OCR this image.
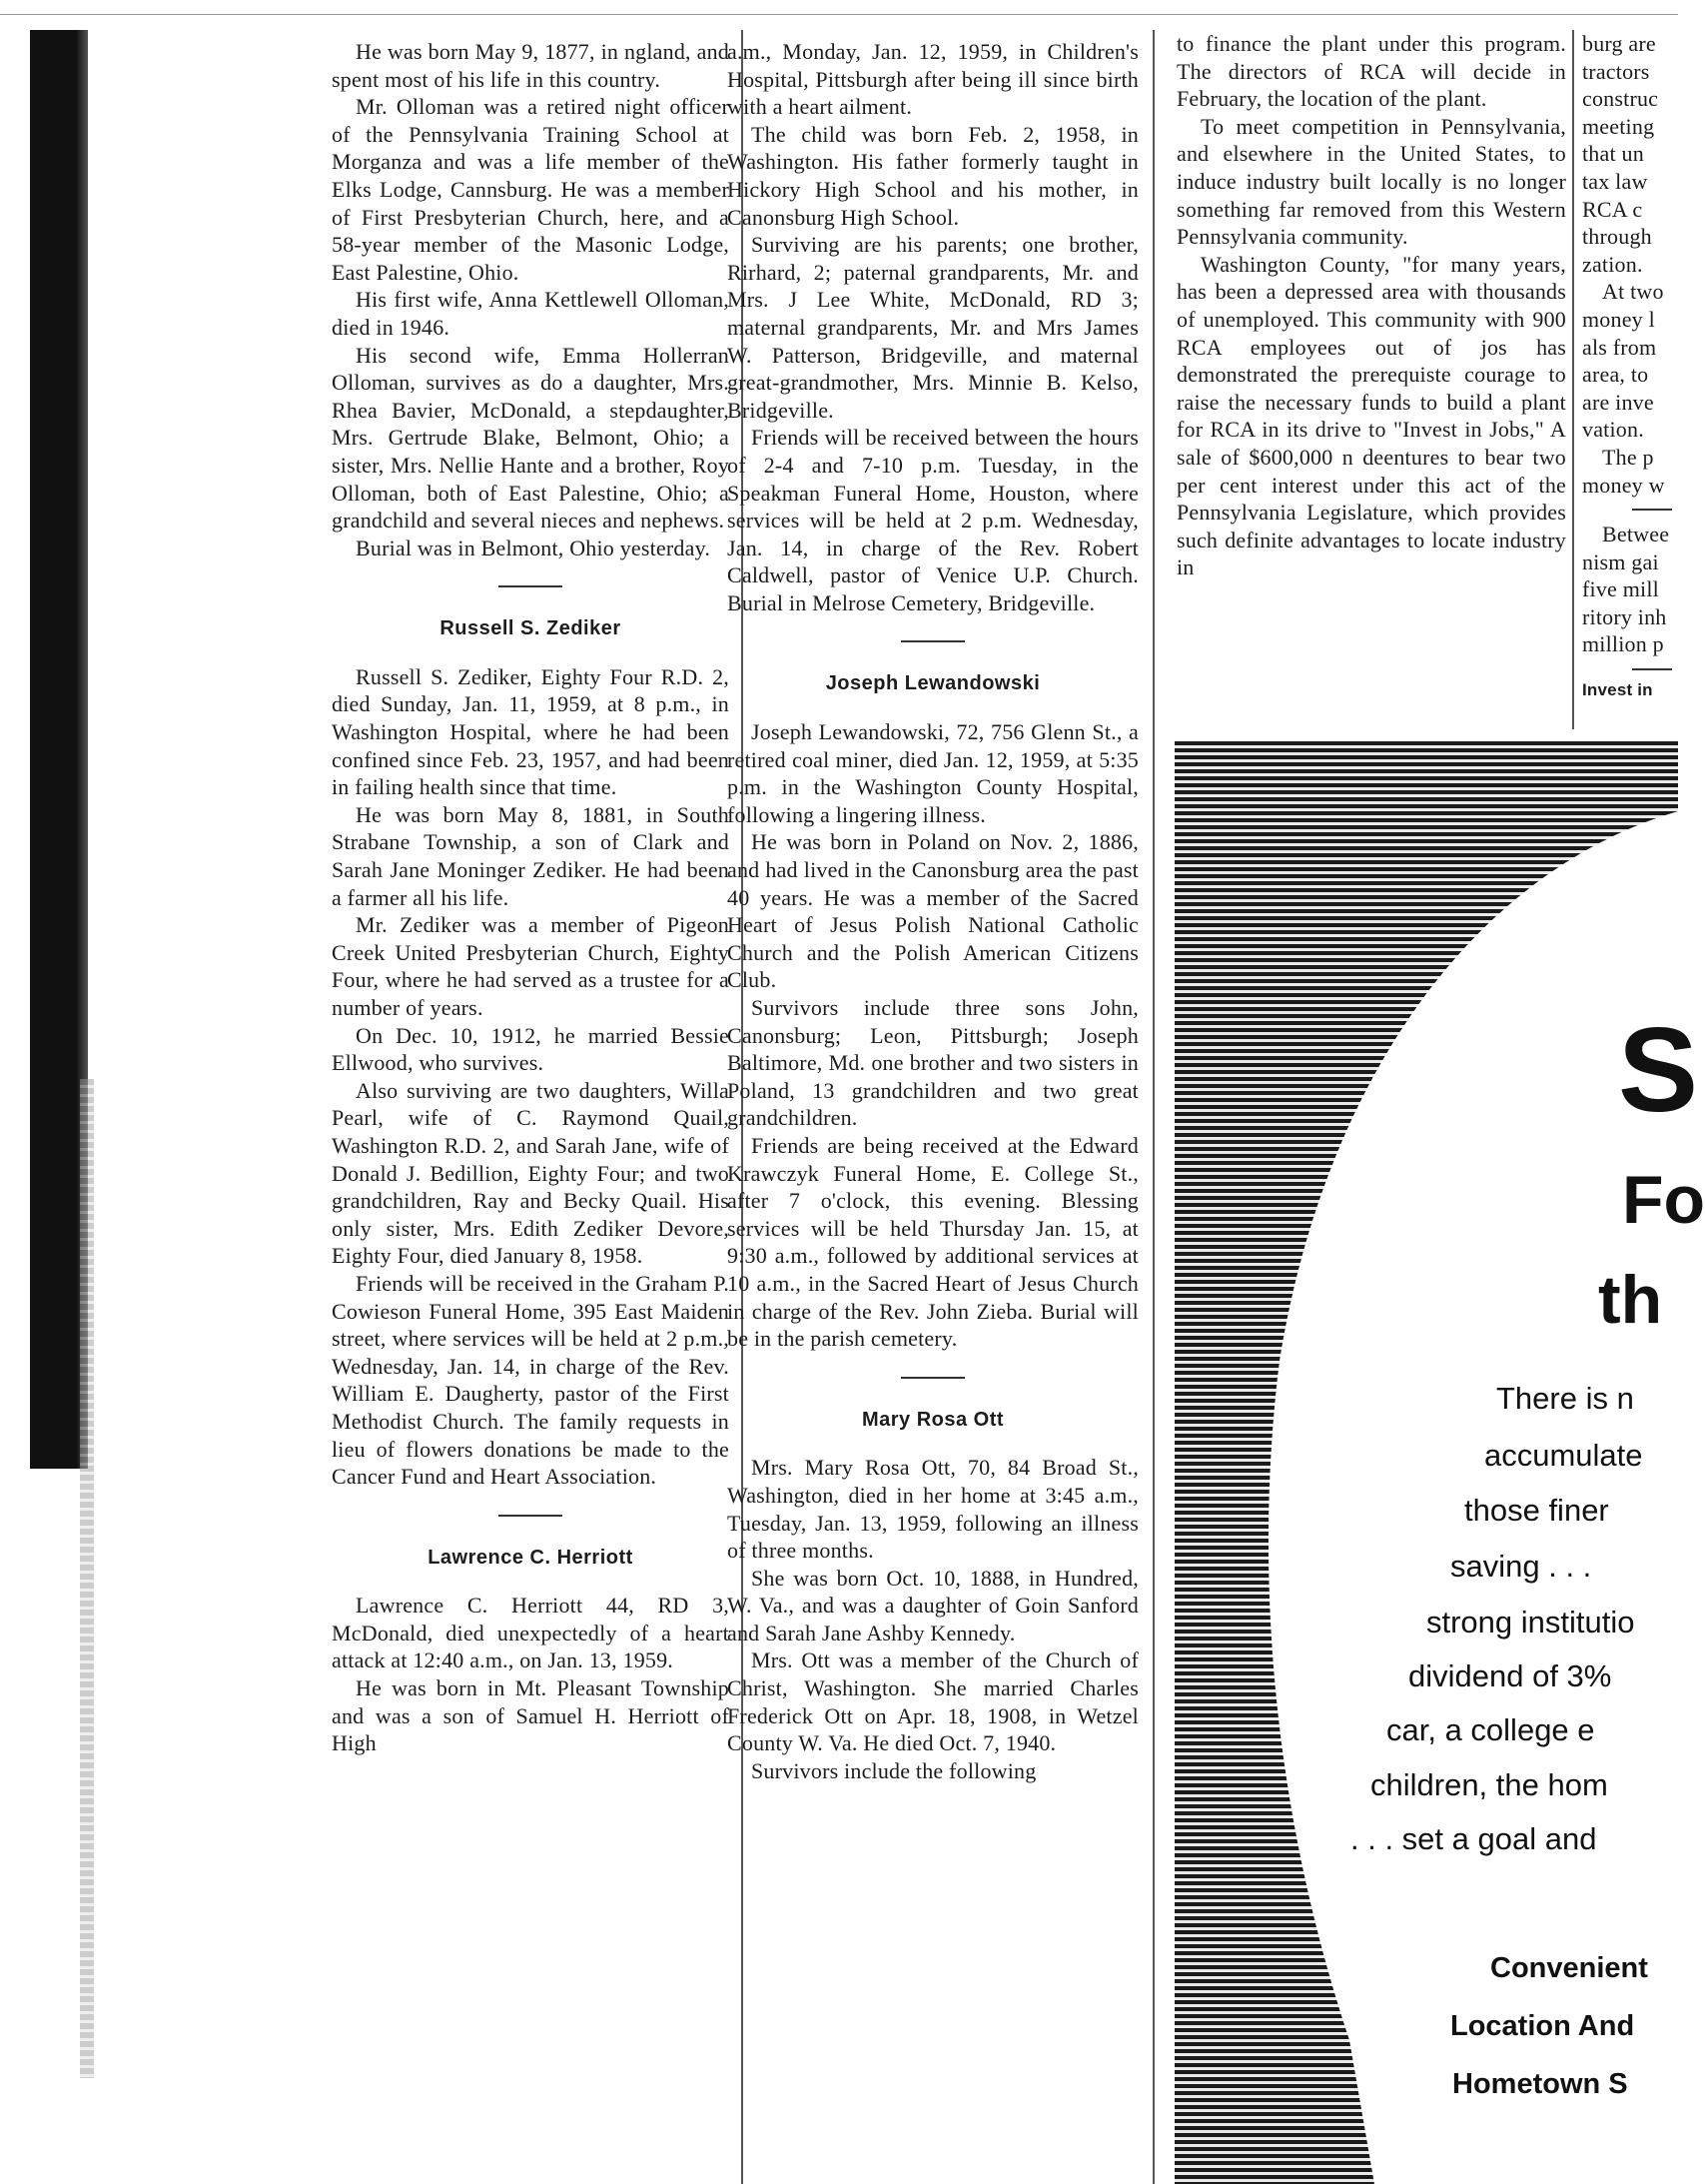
He was born May 9, 1877, in ngland, and spent most of his life in this country.

Mr. Olloman was a retired night officer of the Pennsylvania Training School at Morganza and was a life member of the Elks Lodge, Cannsburg. He was a member of First Presbyterian Church, here, and a 58-year member of the Masonic Lodge, East Palestine, Ohio.

His first wife, Anna Kettlewell Olloman, died in 1946.

His second wife, Emma Hollerran Olloman, survives as do a daughter, Mrs. Rhea Bavier, McDonald, a stepdaughter, Mrs. Gertrude Blake, Belmont, Ohio; a sister, Mrs. Nellie Hante and a brother, Roy Olloman, both of East Palestine, Ohio; a grandchild and several nieces and nephews.

Burial was in Belmont, Ohio yesterday.

Russell S. Zediker

Russell S. Zediker, Eighty Four R.D. 2, died Sunday, Jan. 11, 1959, at 8 p.m., in Washington Hospital, where he had been confined since Feb. 23, 1957, and had been in failing health since that time.

He was born May 8, 1881, in South Strabane Township, a son of Clark and Sarah Jane Moninger Zediker. He had been a farmer all his life.

Mr. Zediker was a member of Pigeon Creek United Presbyterian Church, Eighty Four, where he had served as a trustee for a number of years.

On Dec. 10, 1912, he married Bessie Ellwood, who survives.

Also surviving are two daughters, Willa Pearl, wife of C. Raymond Quail, Washington R.D. 2, and Sarah Jane, wife of Donald J. Bedillion, Eighty Four; and two grandchildren, Ray and Becky Quail. His only sister, Mrs. Edith Zediker Devore, Eighty Four, died January 8, 1958.

Friends will be received in the Graham P. Cowieson Funeral Home, 395 East Maiden street, where services will be held at 2 p.m., Wednesday, Jan. 14, in charge of the Rev. William E. Daugherty, pastor of the First Methodist Church. The family requests in lieu of flowers donations be made to the Cancer Fund and Heart Association.

Lawrence C. Herriott

Lawrence C. Herriott 44, RD 3, McDonald, died unexpectedly of a heart attack at 12:40 a.m., on Jan. 13, 1959.

He was born in Mt. Pleasant Township and was a son of Samuel H. Herriott of High

a.m., Monday, Jan. 12, 1959, in Children's Hospital, Pittsburgh after being ill since birth with a heart ailment.

The child was born Feb. 2, 1958, in Washington. His father formerly taught in Hickory High School and his mother, in Canonsburg High School.

Surviving are his parents; one brother, Rirhard, 2; paternal grandparents, Mr. and Mrs. J Lee White, McDonald, RD 3; maternal grandparents, Mr. and Mrs James W. Patterson, Bridgeville, and maternal great-grandmother, Mrs. Minnie B. Kelso, Bridgeville.

Friends will be received between the hours of 2-4 and 7-10 p.m. Tuesday, in the Speakman Funeral Home, Houston, where services will be held at 2 p.m. Wednesday, Jan. 14, in charge of the Rev. Robert Caldwell, pastor of Venice U.P. Church. Burial in Melrose Cemetery, Bridgeville.

Joseph Lewandowski

Joseph Lewandowski, 72, 756 Glenn St., a retired coal miner, died Jan. 12, 1959, at 5:35 p.m. in the Washington County Hospital, following a lingering illness.

He was born in Poland on Nov. 2, 1886, and had lived in the Canonsburg area the past 40 years. He was a member of the Sacred Heart of Jesus Polish National Catholic Church and the Polish American Citizens Club.

Survivors include three sons John, Canonsburg; Leon, Pittsburgh; Joseph Baltimore, Md. one brother and two sisters in Poland, 13 grandchildren and two great grandchildren.

Friends are being received at the Edward Krawczyk Funeral Home, E. College St., after 7 o'clock, this evening. Blessing services will be held Thursday Jan. 15, at 9:30 a.m., followed by additional services at 10 a.m., in the Sacred Heart of Jesus Church in charge of the Rev. John Zieba. Burial will be in the parish cemetery.

Mary Rosa Ott

Mrs. Mary Rosa Ott, 70, 84 Broad St., Washington, died in her home at 3:45 a.m., Tuesday, Jan. 13, 1959, following an illness of three months.

She was born Oct. 10, 1888, in Hundred, W. Va., and was a daughter of Goin Sanford and Sarah Jane Ashby Kennedy.

Mrs. Ott was a member of the Church of Christ, Washington. She married Charles Frederick Ott on Apr. 18, 1908, in Wetzel County W. Va. He died Oct. 7, 1940.

Survivors include the following

to finance the plant under this program. The directors of RCA will decide in February, the location of the plant.

To meet competition in Pennsylvania, and elsewhere in the United States, to induce industry built locally is no longer something far removed from this Western Pennsylvania community.

Washington County, "for many years, has been a depressed area with thousands of unemployed. This community with 900 RCA employees out of jos has demonstrated the prerequiste courage to raise the necessary funds to build a plant for RCA in its drive to "Invest in Jobs," A sale of $600,000 n deentures to bear two per cent interest under this act of the Pennsylvania Legislature, which provides such definite advantages to locate industry in

burg are

tractors

construc

meeting

that un

tax law

RCA c

through

zation.

At two

money l

als from

area, to

are inve

vation.

The p

money w

Betwee

nism gai

five mill

ritory inh

million p

Invest in

S
Fo
th
There is n
accumulate
those finer
saving . . .
strong institutio
dividend of 3%
car, a college e
children, the hom
. . . set a goal and
Convenient
Location And
Hometown S
